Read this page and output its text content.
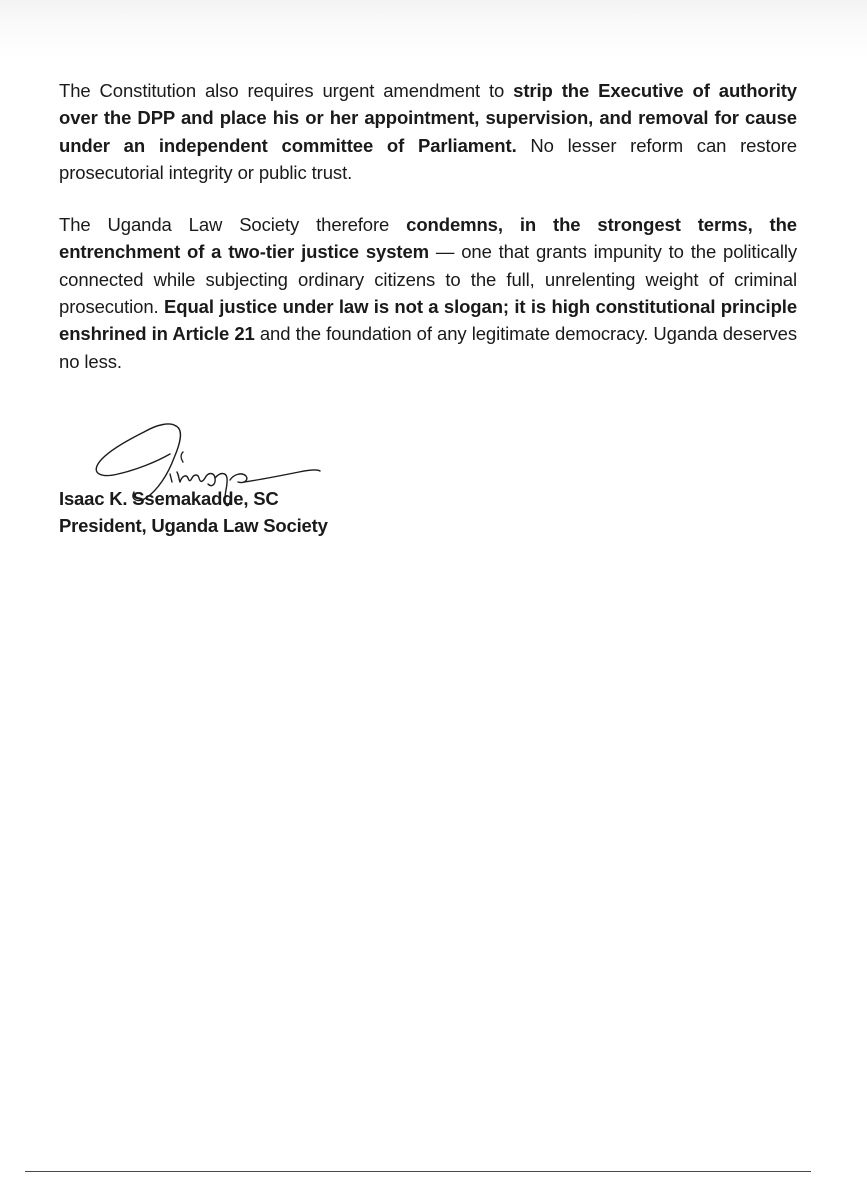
The Constitution also requires urgent amendment to strip the Executive of authority over the DPP and place his or her appointment, supervision, and removal for cause under an independent committee of Parliament. No lesser reform can restore prosecutorial integrity or public trust.

The Uganda Law Society therefore condemns, in the strongest terms, the entrenchment of a two-tier justice system — one that grants impunity to the politically connected while subjecting ordinary citizens to the full, unrelenting weight of criminal prosecution. Equal justice under law is not a slogan; it is high constitutional principle enshrined in Article 21 and the foundation of any legitimate democracy. Uganda deserves no less.

Isaac K. Ssemakadde, SC
President, Uganda Law Society
